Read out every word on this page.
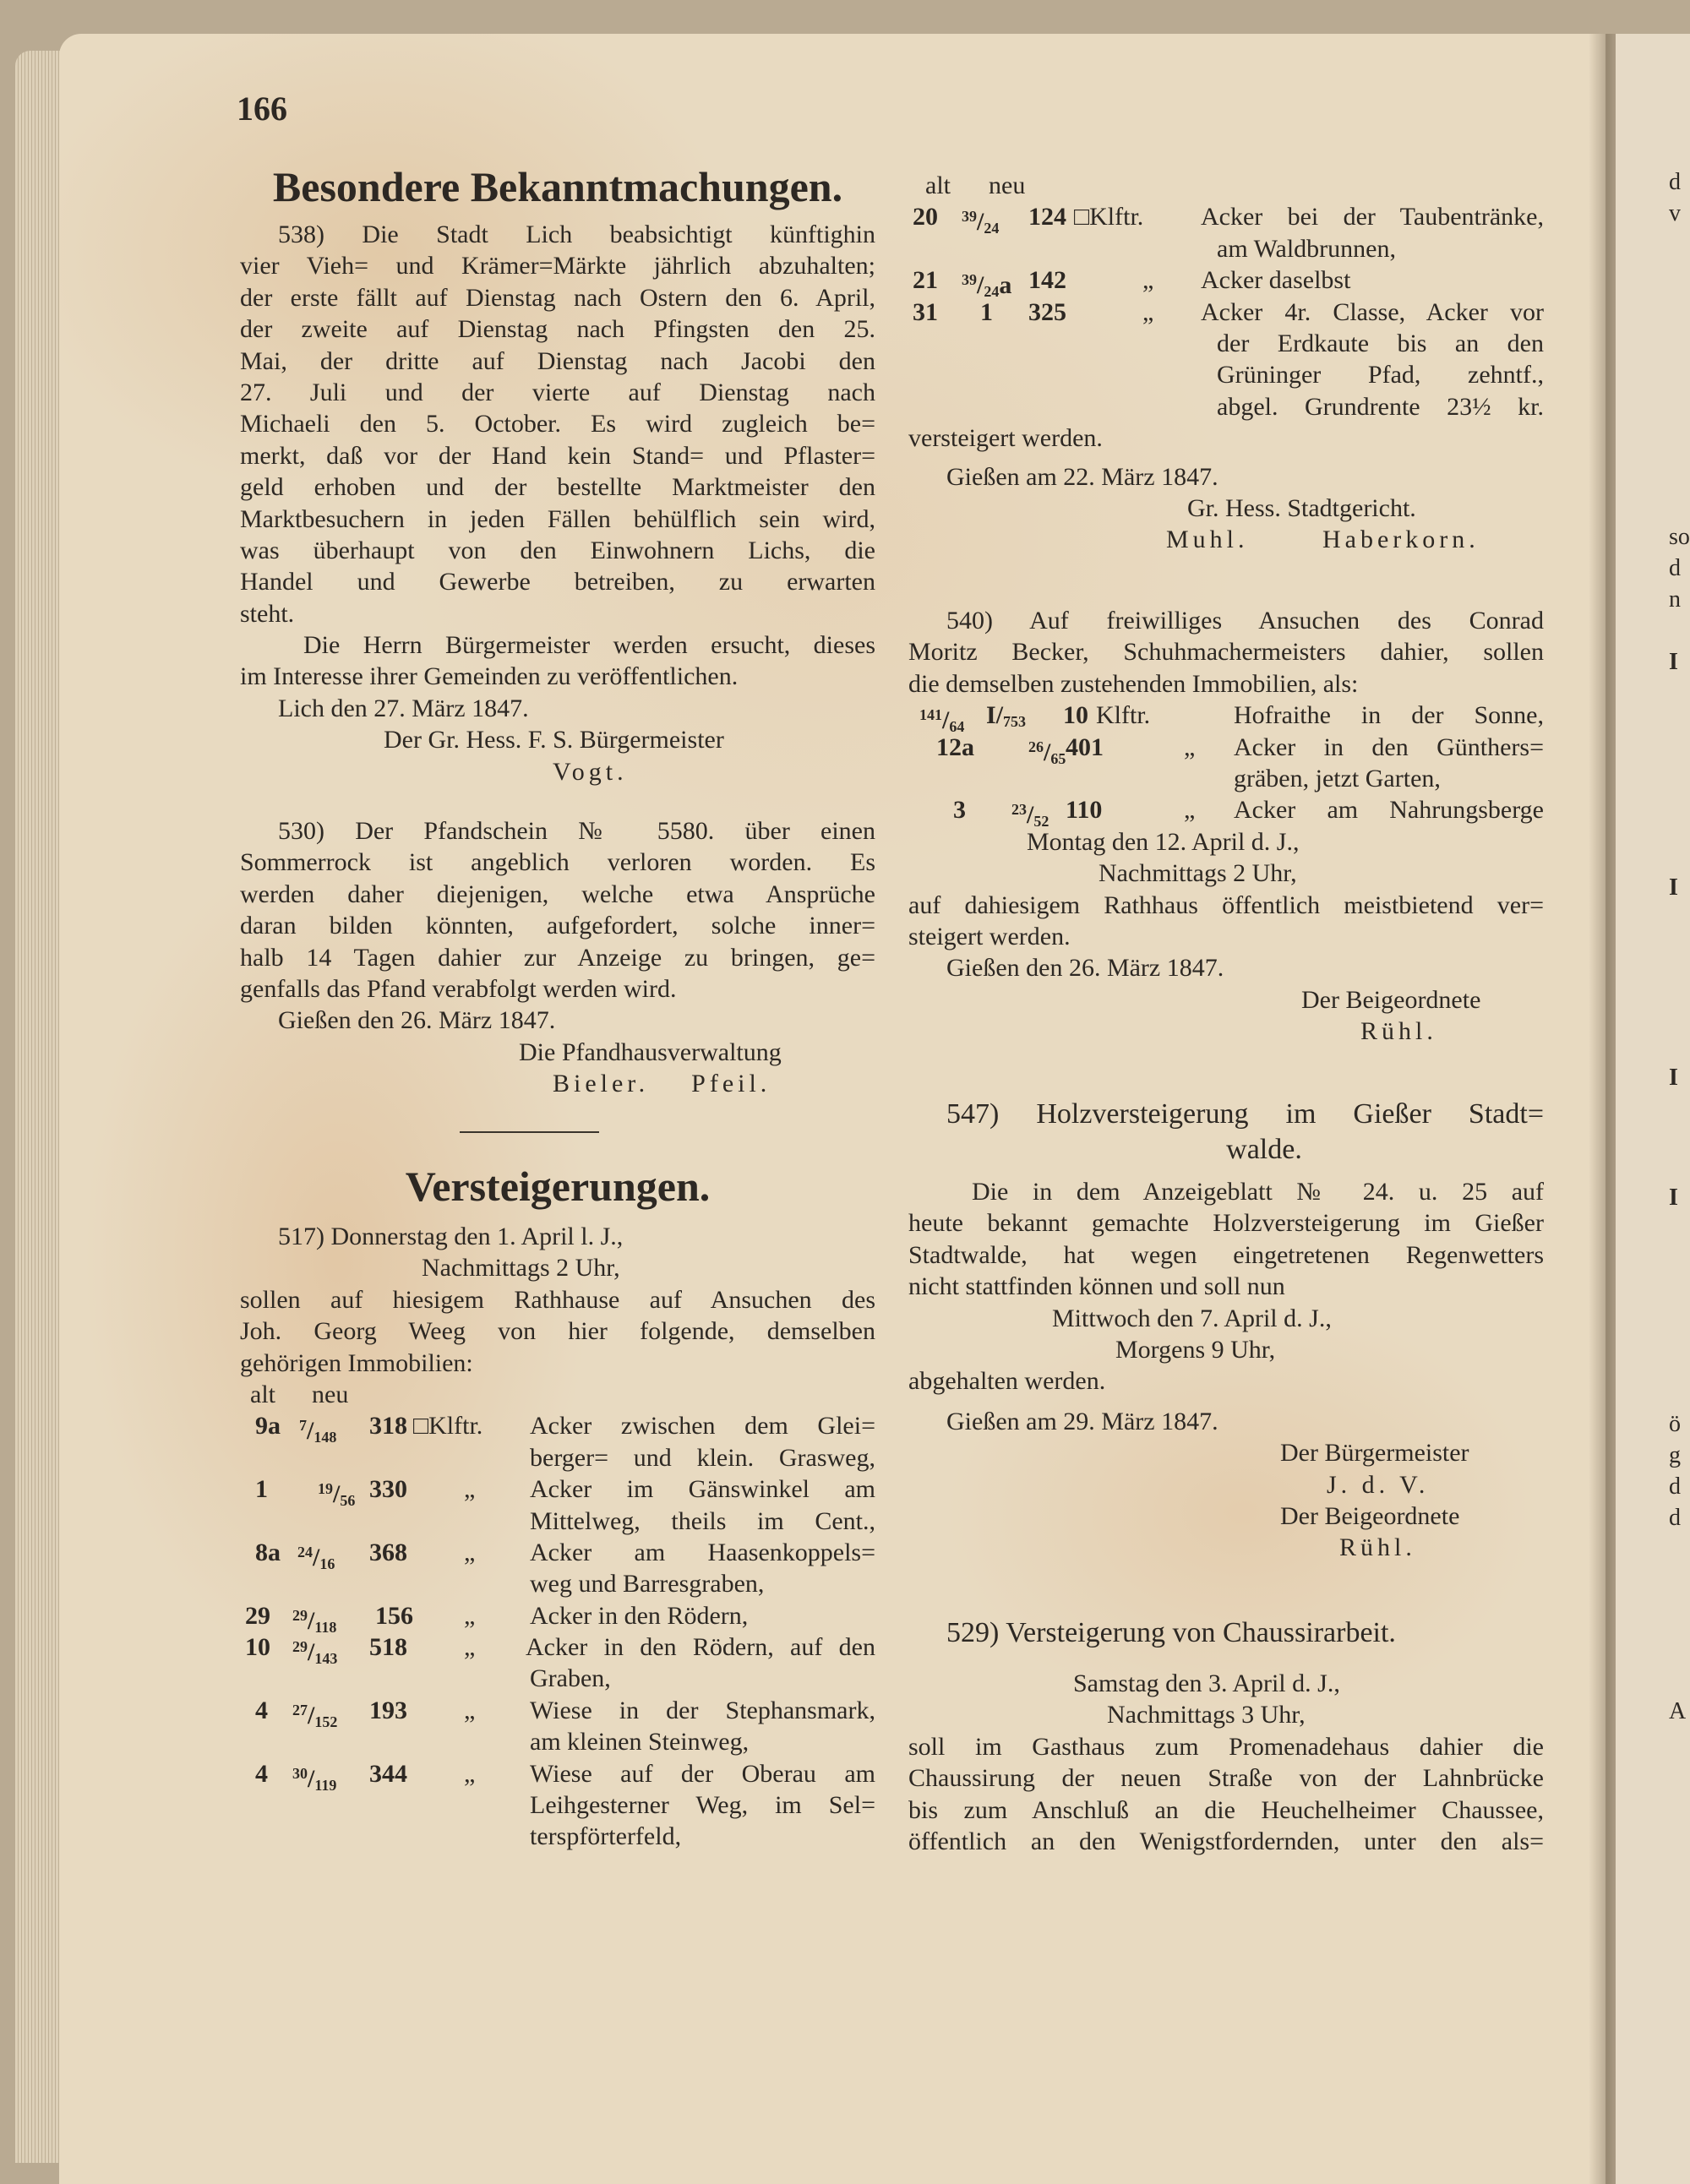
d
v
so
d
n
I
I
I
I
ö
g
d
d
A
166
Besondere Bekanntmachungen.
538) Die Stadt Lich beabsichtigt künftighin
vier Vieh= und Krämer=Märkte jährlich abzuhalten;
der erste fällt auf Dienstag nach Ostern den 6. April,
der zweite auf Dienstag nach Pfingsten den 25.
Mai, der dritte auf Dienstag nach Jacobi den
27. Juli und der vierte auf Dienstag nach
Michaeli den 5. October. Es wird zugleich be=
merkt, daß vor der Hand kein Stand= und Pflaster=
geld erhoben und der bestellte Marktmeister den
Marktbesuchern in jeden Fällen behülflich sein wird,
was überhaupt von den Einwohnern Lichs, die
Handel und Gewerbe betreiben, zu erwarten
steht.
Die Herrn Bürgermeister werden ersucht, dieses
im Interesse ihrer Gemeinden zu veröffentlichen.
Lich den 27. März 1847.
Der Gr. Hess. F. S. Bürgermeister
Vogt.
530) Der Pfandschein № 5580. über einen
Sommerrock ist angeblich verloren worden. Es
werden daher diejenigen, welche etwa Ansprüche
daran bilden könnten, aufgefordert, solche inner=
halb 14 Tagen dahier zur Anzeige zu bringen, ge=
genfalls das Pfand verabfolgt werden wird.
Gießen den 26. März 1847.
Die Pfandhausverwaltung
Bieler.    Pfeil.
Versteigerungen.
517) Donnerstag den 1. April l. J.,
Nachmittags 2 Uhr,
sollen auf hiesigem Rathhause auf Ansuchen des
Joh. Georg Weeg von hier folgende, demselben
gehörigen Immobilien:
alt neu
9a $^7/_{148}$ 318 □Klftr. Acker zwischen dem Glei=
berger= und klein. Grasweg,
1	$^{19}/_{56}$ 330 „ Acker im Gänswinkel am
Mittelweg, theils im Cent.,
8a $^{24}/_{16}$ 368 „ Acker am Haasenkoppels=
weg und Barresgraben,
29 $^{29}/_{118}$ 156 „ Acker in den Rödern,
10 $^{29}/_{143}$ 518 „ Acker in den Rödern, auf den
Graben,
4 $^{27}/_{152}$ 193 „ Wiese in der Stephansmark,
am kleinen Steinweg,
4 $^{30}/_{119}$ 344 „ Wiese auf der Oberau am
Leihgesterner Weg, im Sel=
terspförterfeld,
alt neu
20 $^{39}/_{24}$ 124 □Klftr. Acker bei der Taubentränke,
am Waldbrunnen,
21 $^{39}/_{24}a$ 142	„ Acker daselbst
31 1 325	„ Acker 4r. Classe, Acker vor
der Erdkaute bis an den
Grüninger Pfad, zehntf.,
abgel. Grundrente 23½ kr.
versteigert werden.
Gießen am 22. März 1847.
Gr. Hess. Stadtgericht.
Muhl.	Haberkorn.
540) Auf freiwilliges Ansuchen des Conrad
Moritz Becker, Schuhmachermeisters dahier, sollen
die demselben zustehenden Immobilien, als:
$^{141}/_{64}$ $I/_{753}$ 10 Klftr.	Hofraithe in der Sonne,
12a	$^{26}/_{65}$ 401	„ Acker in den Günthers=
gräben, jetzt Garten,
3	$^{23}/_{52}$ 110	„ Acker am Nahrungsberge
Montag den 12. April d. J.,
Nachmittags 2 Uhr,
auf dahiesigem Rathhaus öffentlich meistbietend ver=
steigert werden.
Gießen den 26. März 1847.
Der Beigeordnete
Rühl.
547) Holzversteigerung im Gießer Stadt=
walde.
Die in dem Anzeigeblatt № 24. u. 25 auf
heute bekannt gemachte Holzversteigerung im Gießer
Stadtwalde, hat wegen eingetretenen Regenwetters
nicht stattfinden können und soll nun
Mittwoch den 7. April d. J.,
Morgens 9 Uhr,
abgehalten werden.
Gießen am 29. März 1847.
Der Bürgermeister
J. d. V.
Der Beigeordnete
Rühl.
529) Versteigerung von Chaussirarbeit.
Samstag den 3. April d. J.,
Nachmittags 3 Uhr,
soll im Gasthaus zum Promenadehaus dahier die
Chaussirung der neuen Straße von der Lahnbrücke
bis zum Anschluß an die Heuchelheimer Chaussee,
öffentlich an den Wenigstfordernden, unter den als=
